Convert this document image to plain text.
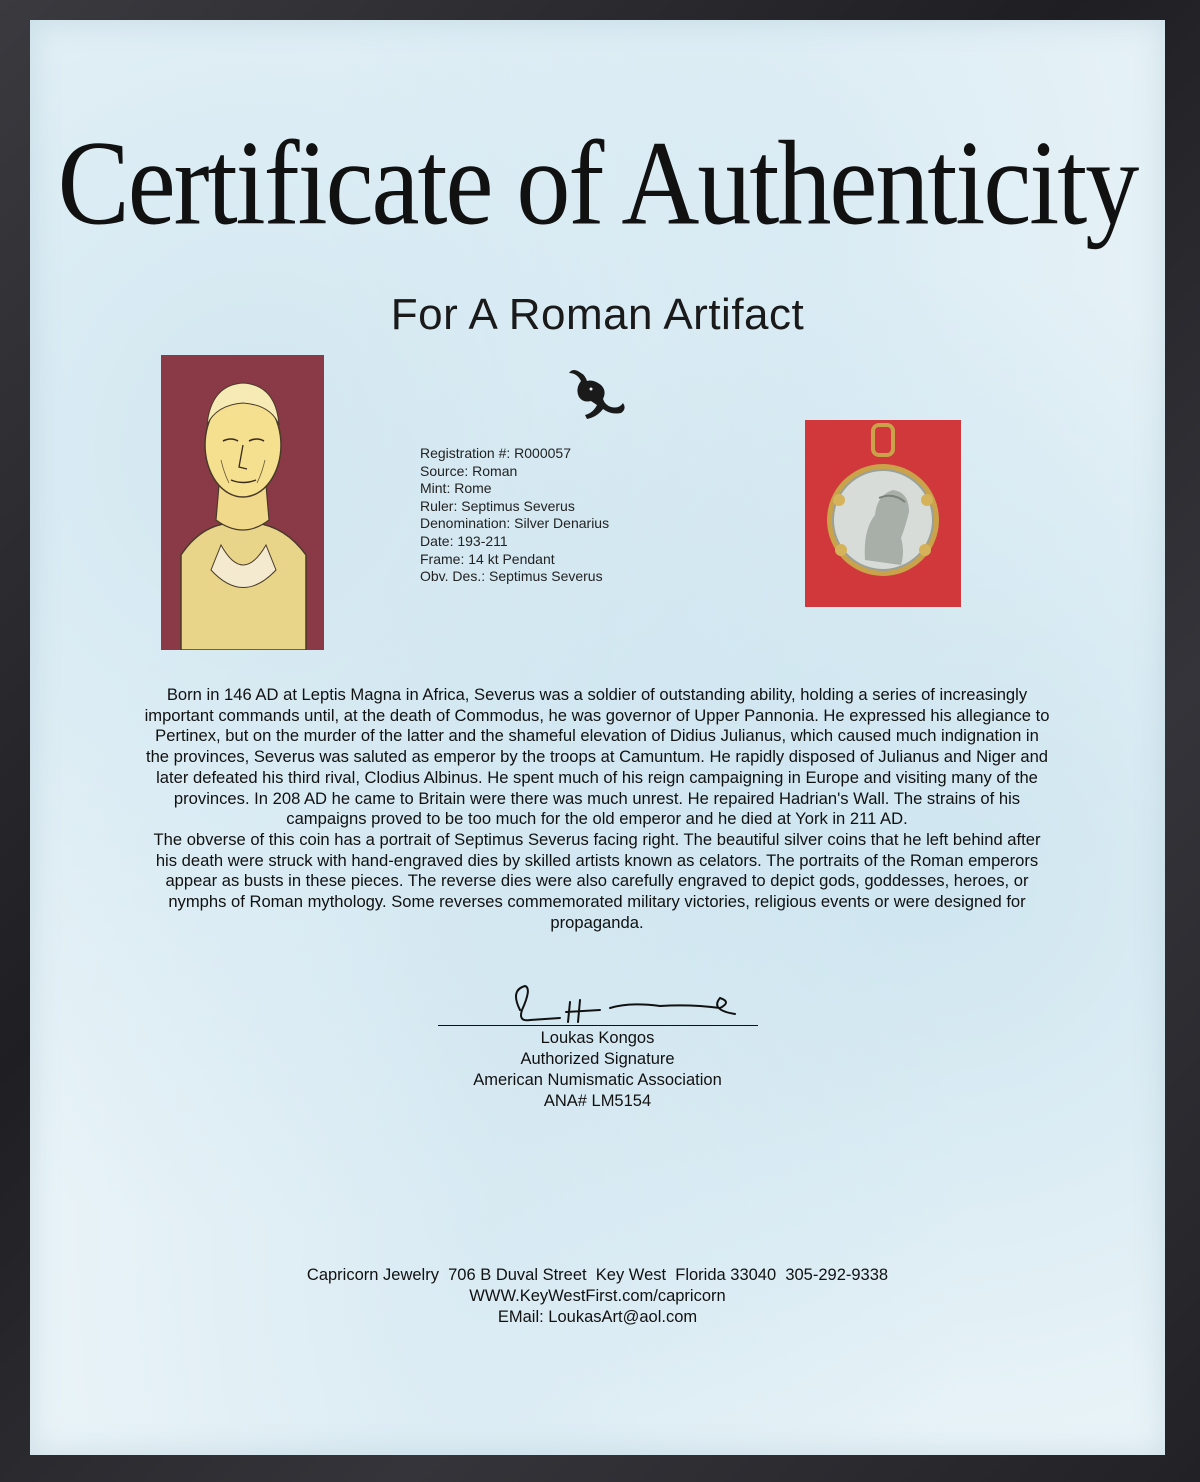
Certificate of Authenticity
For A Roman Artifact
Registration #: R000057
Source: Roman
Mint: Rome
Ruler: Septimus Severus
Denomination: Silver Denarius
Date: 193-211
Frame: 14 kt Pendant
Obv. Des.: Septimus Severus

Born in 146 AD at Leptis Magna in Africa, Severus was a soldier of outstanding ability, holding a series of increasingly important commands until, at the death of Commodus, he was governor of Upper Pannonia. He expressed his allegiance to Pertinex, but on the murder of the latter and the shameful elevation of Didius Julianus, which caused much indignation in the provinces, Severus was saluted as emperor by the troops at Camuntum. He rapidly disposed of Julianus and Niger and later defeated his third rival, Clodius Albinus. He spent much of his reign campaigning in Europe and visiting many of the provinces. In 208 AD he came to Britain were there was much unrest. He repaired Hadrian's Wall. The strains of his campaigns proved to be too much for the old emperor and he died at York in 211 AD.

The obverse of this coin has a portrait of Septimus Severus facing right. The beautiful silver coins that he left behind after his death were struck with hand-engraved dies by skilled artists known as celators. The portraits of the Roman emperors appear as busts in these pieces. The reverse dies were also carefully engraved to depict gods, goddesses, heroes, or nymphs of Roman mythology. Some reverses commemorated military victories, religious events or were designed for propaganda.

Loukas Kongos
Authorized Signature
American Numismatic Association
ANA# LM5154
Capricorn Jewelry  706 B Duval Street  Key West  Florida 33040  305-292-9338
WWW.KeyWestFirst.com/capricorn
EMail: LoukasArt@aol.com
